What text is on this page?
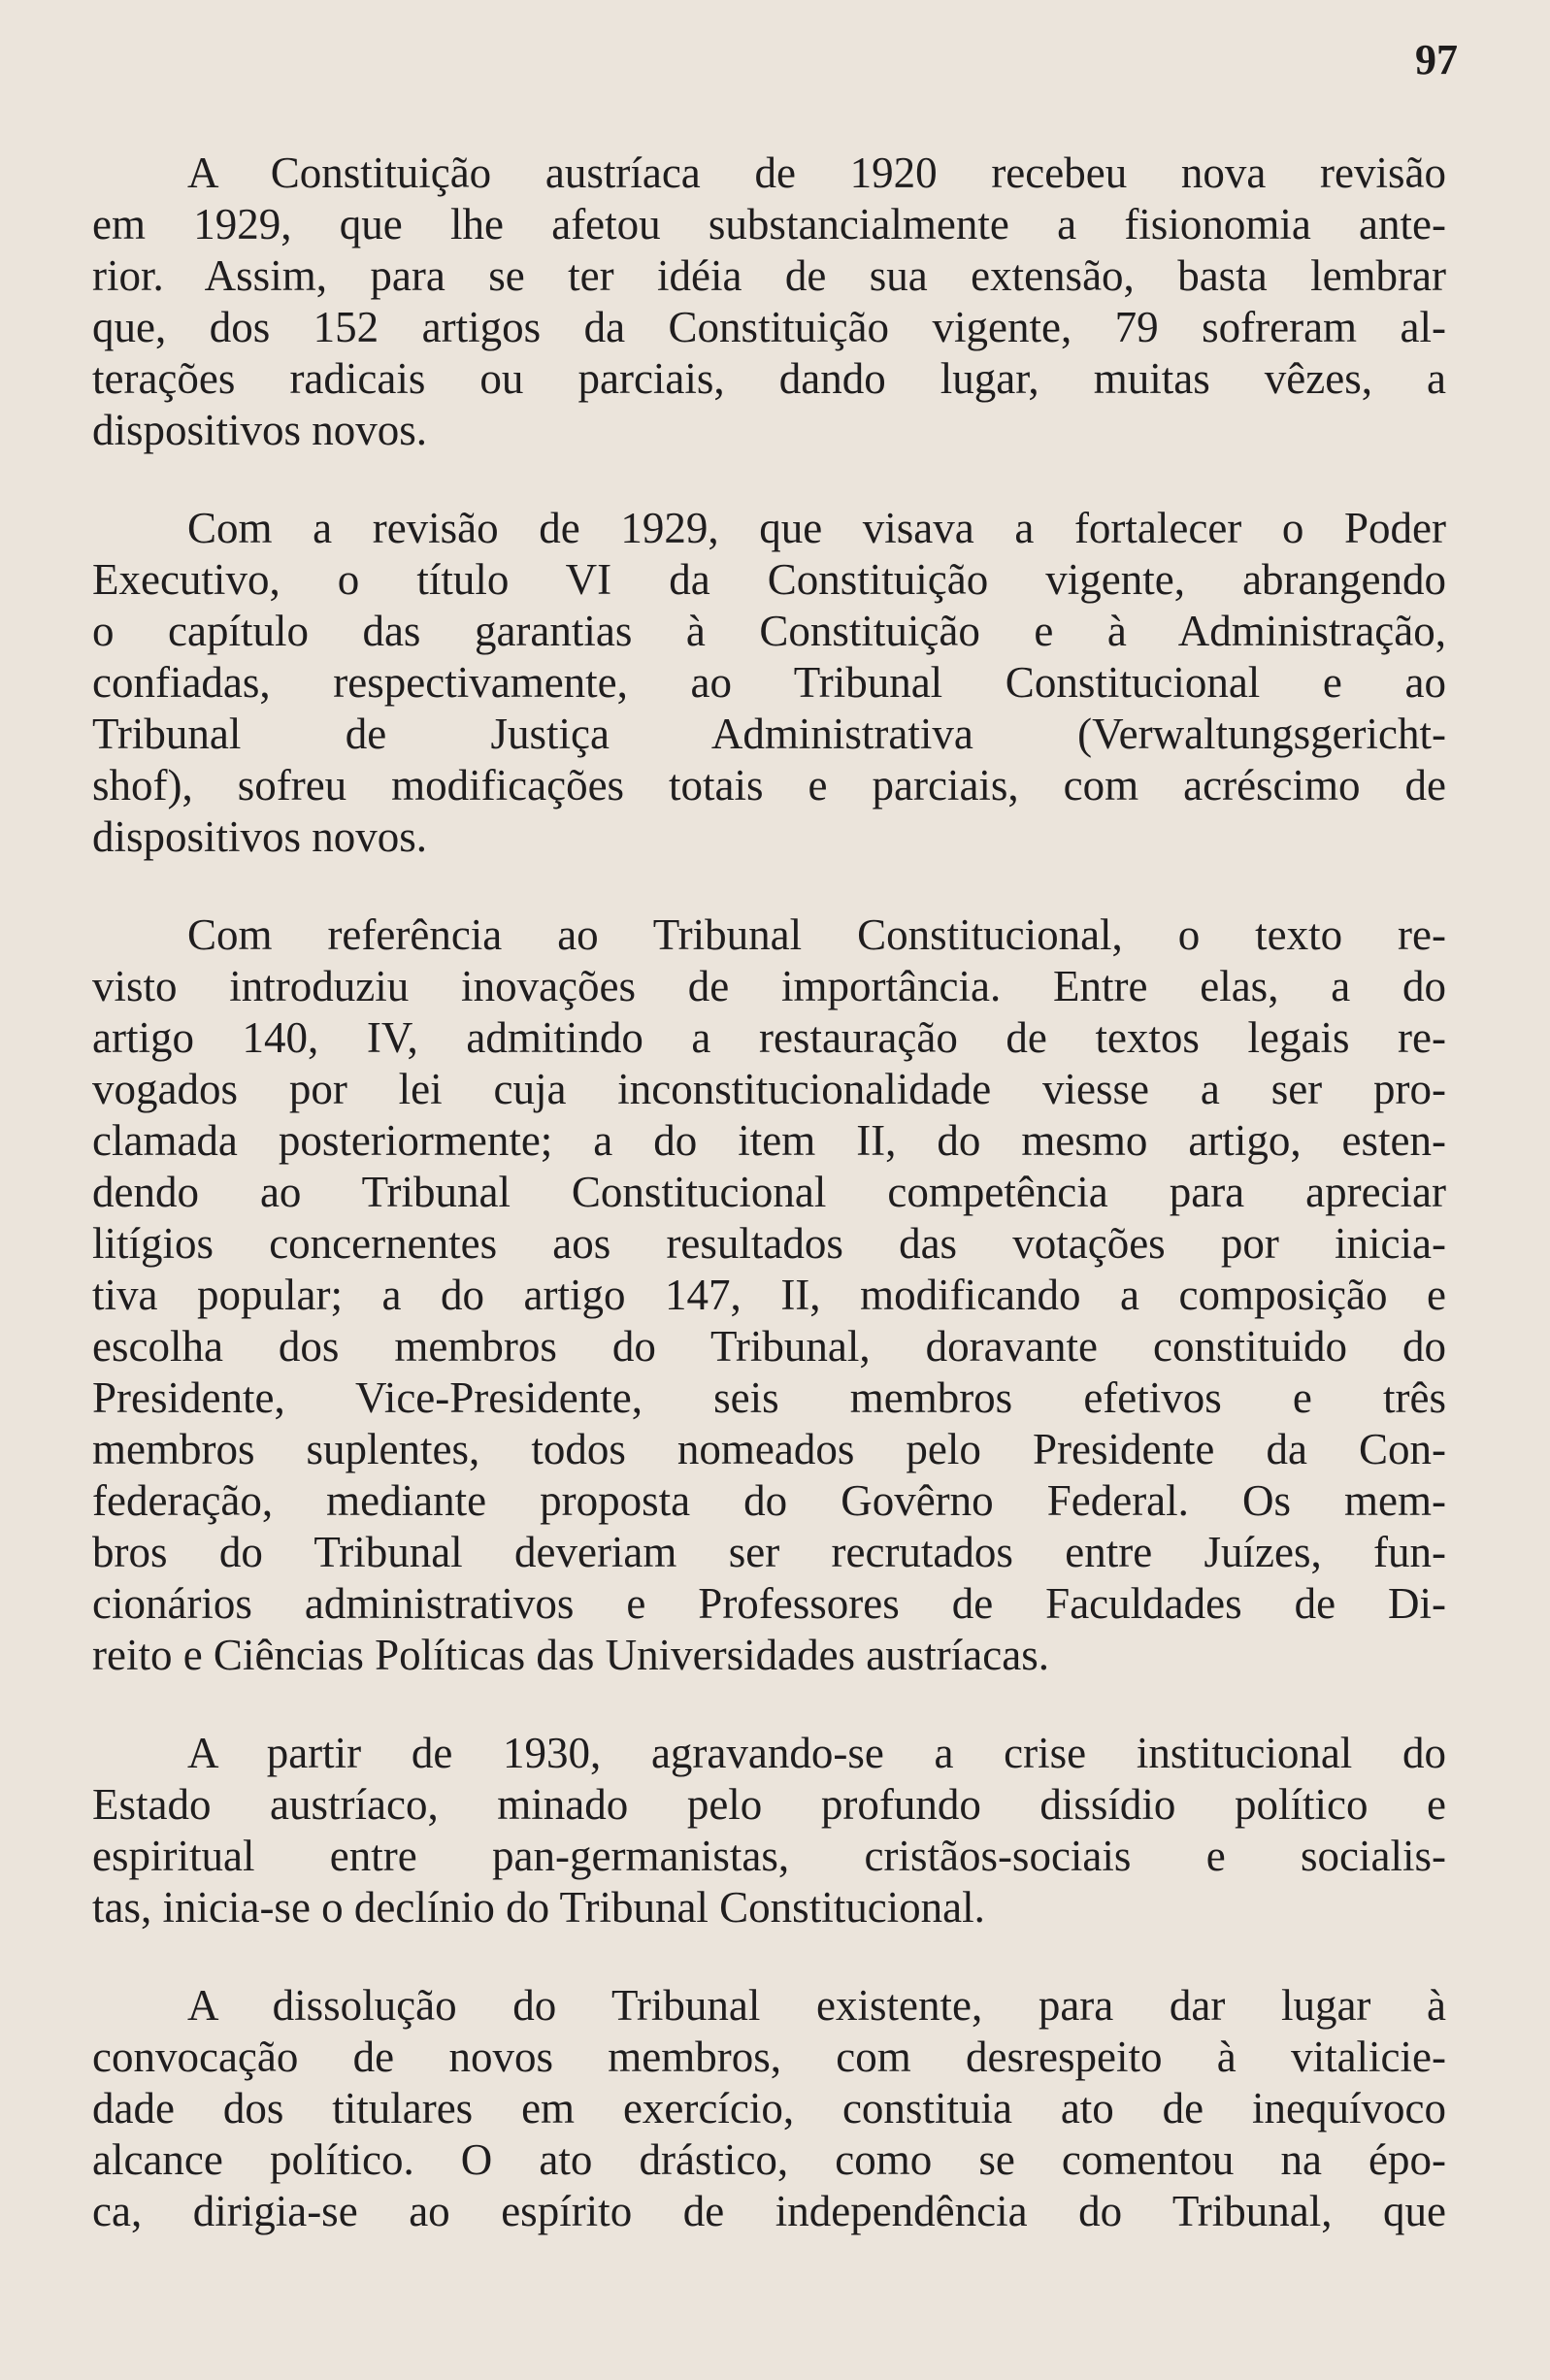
97
A Constituição austríaca de 1920 recebeu nova revisão
em 1929, que lhe afetou substancialmente a fisionomia ante-
rior. Assim, para se ter idéia de sua extensão, basta lembrar
que, dos 152 artigos da Constituição vigente, 79 sofreram al-
terações radicais ou parciais, dando lugar, muitas vêzes, a
dispositivos novos.
Com a revisão de 1929, que visava a fortalecer o Poder
Executivo, o título VI da Constituição vigente, abrangendo
o capítulo das garantias à Constituição e à Administração,
confiadas, respectivamente, ao Tribunal Constitucional e ao
Tribunal de Justiça Administrativa (Verwaltungsgericht-
shof), sofreu modificações totais e parciais, com acréscimo de
dispositivos novos.
Com referência ao Tribunal Constitucional, o texto re-
visto introduziu inovações de importância. Entre elas, a do
artigo 140, IV, admitindo a restauração de textos legais re-
vogados por lei cuja inconstitucionalidade viesse a ser pro-
clamada posteriormente; a do item II, do mesmo artigo, esten-
dendo ao Tribunal Constitucional competência para apreciar
litígios concernentes aos resultados das votações por inicia-
tiva popular; a do artigo 147, II, modificando a composição e
escolha dos membros do Tribunal, doravante constituido do
Presidente, Vice-Presidente, seis membros efetivos e três
membros suplentes, todos nomeados pelo Presidente da Con-
federação, mediante proposta do Govêrno Federal. Os mem-
bros do Tribunal deveriam ser recrutados entre Juízes, fun-
cionários administrativos e Professores de Faculdades de Di-
reito e Ciências Políticas das Universidades austríacas.
A partir de 1930, agravando-se a crise institucional do
Estado austríaco, minado pelo profundo dissídio político e
espiritual entre pan-germanistas, cristãos-sociais e socialis-
tas, inicia-se o declínio do Tribunal Constitucional.
A dissolução do Tribunal existente, para dar lugar à
convocação de novos membros, com desrespeito à vitalicie-
dade dos titulares em exercício, constituia ato de inequívoco
alcance político. O ato drástico, como se comentou na épo-
ca, dirigia-se ao espírito de independência do Tribunal, que
